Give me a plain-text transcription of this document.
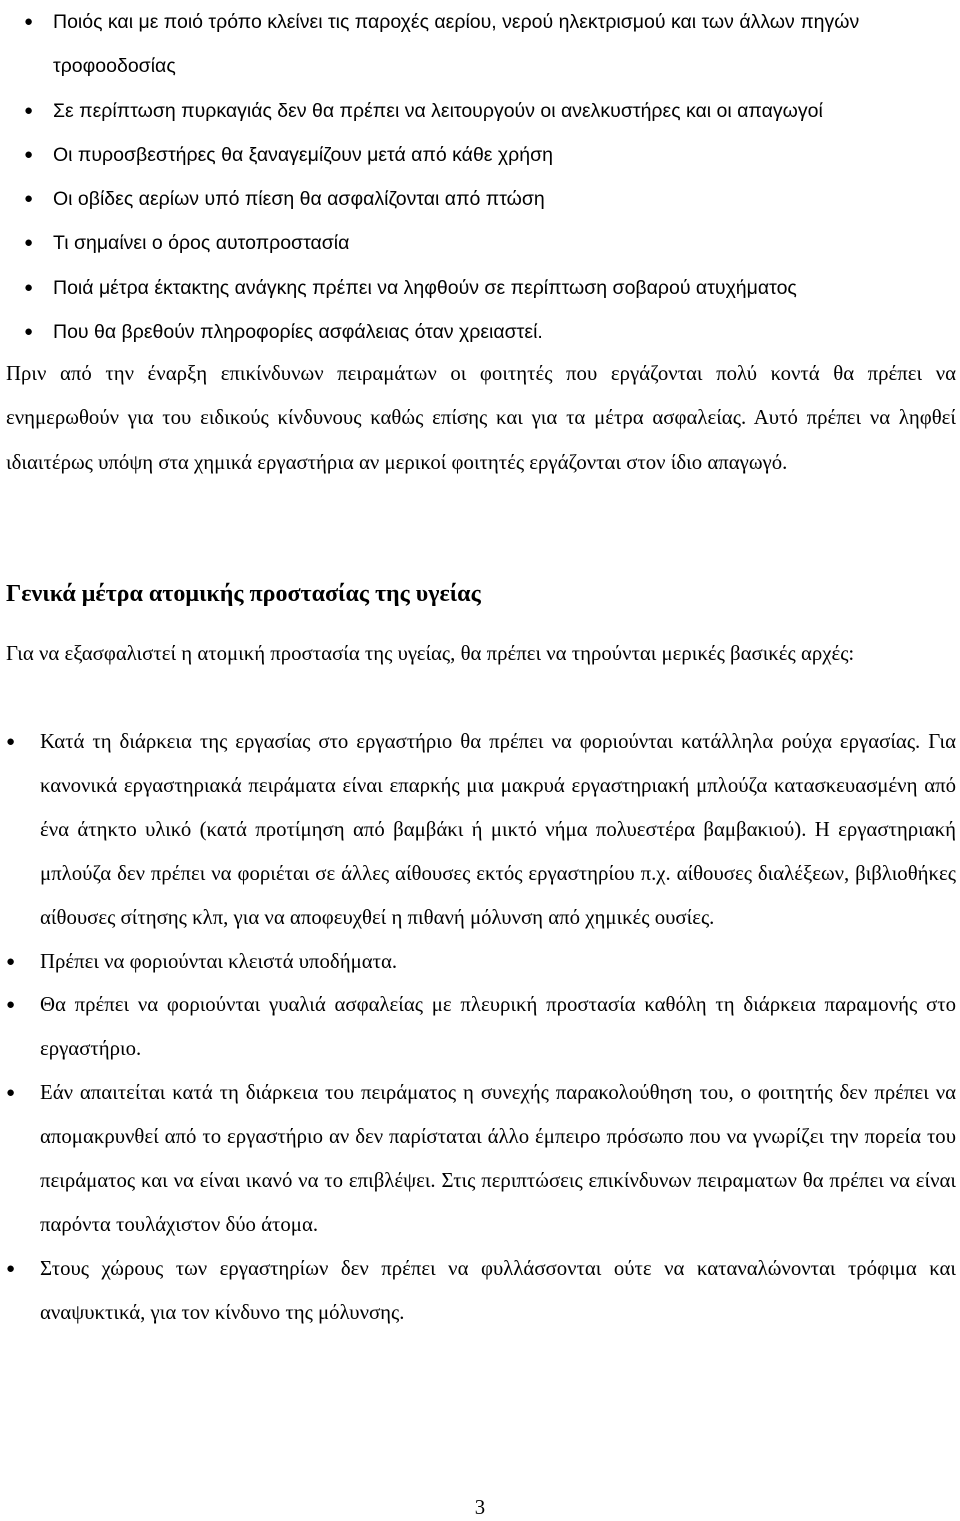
● Ποιός και με ποιό τρόπο κλείνει τις παροχές αερίου, νερού ηλεκτρισμού και των άλλων πηγών τροφοοδοσίας
● Σε περίπτωση πυρκαγιάς δεν θα πρέπει να λειτουργούν οι ανελκυστήρες και οι απαγωγοί
● Οι πυροσβεστήρες θα ξαναγεμίζουν μετά από κάθε χρήση
● Οι οβίδες αερίων υπό πίεση θα ασφαλίζονται από πτώση
● Τι σημαίνει ο όρος αυτοπροστασία
● Ποιά μέτρα έκτακτης ανάγκης πρέπει να ληφθούν σε περίπτωση σοβαρού ατυχήματος
● Που θα βρεθούν πληροφορίες ασφάλειας όταν χρειαστεί.

Πριν από την έναρξη επικίνδυνων πειραμάτων οι φοιτητές που εργάζονται πολύ κοντά θα πρέπει να ενημερωθούν για του ειδικούς κίνδυνους καθώς επίσης και για τα μέτρα ασφαλείας. Αυτό πρέπει να ληφθεί ιδιαιτέρως υπόψη στα χημικά εργαστήρια αν μερικοί φοιτητές εργάζονται στον ίδιο απαγωγό.

Γενικά μέτρα ατομικής προστασίας της υγείας

Για να εξασφαλιστεί η ατομική προστασία της υγείας, θα πρέπει να τηρούνται μερικές βασικές αρχές:

● Κατά τη διάρκεια της εργασίας στο εργαστήριο θα πρέπει να φοριούνται κατάλληλα ρούχα εργασίας. Για κανονικά εργαστηριακά πειράματα είναι επαρκής μια μακρυά εργαστηριακή μπλούζα κατασκευασμένη από ένα άτηκτο υλικό (κατά προτίμηση από βαμβάκι ή μικτό νήμα πολυεστέρα βαμβακιού). Η εργαστηριακή μπλούζα δεν πρέπει να φοριέται σε άλλες αίθουσες εκτός εργαστηρίου π.χ. αίθουσες διαλέξεων, βιβλιοθήκες αίθουσες σίτησης κλπ, για να αποφευχθεί η πιθανή μόλυνση από χημικές ουσίες.
● Πρέπει να φοριούνται κλειστά υποδήματα.
● Θα πρέπει να φοριούνται γυαλιά ασφαλείας με πλευρική προστασία καθόλη τη διάρκεια παραμονής στο εργαστήριο.
● Εάν απαιτείται κατά τη διάρκεια του πειράματος η συνεχής παρακολούθηση του, ο φοιτητής δεν πρέπει να απομακρυνθεί από το εργαστήριο αν δεν παρίσταται άλλο έμπειρο πρόσωπο που να γνωρίζει την πορεία του πειράματος και να είναι ικανό να το επιβλέψει. Στις περιπτώσεις επικίνδυνων πειραματων θα πρέπει να είναι παρόντα τουλάχιστον δύο άτομα.
● Στους χώρους των εργαστηρίων δεν πρέπει να φυλλάσσονται ούτε να καταναλώνονται τρόφιμα και αναψυκτικά, για τον κίνδυνο της μόλυνσης.
3
